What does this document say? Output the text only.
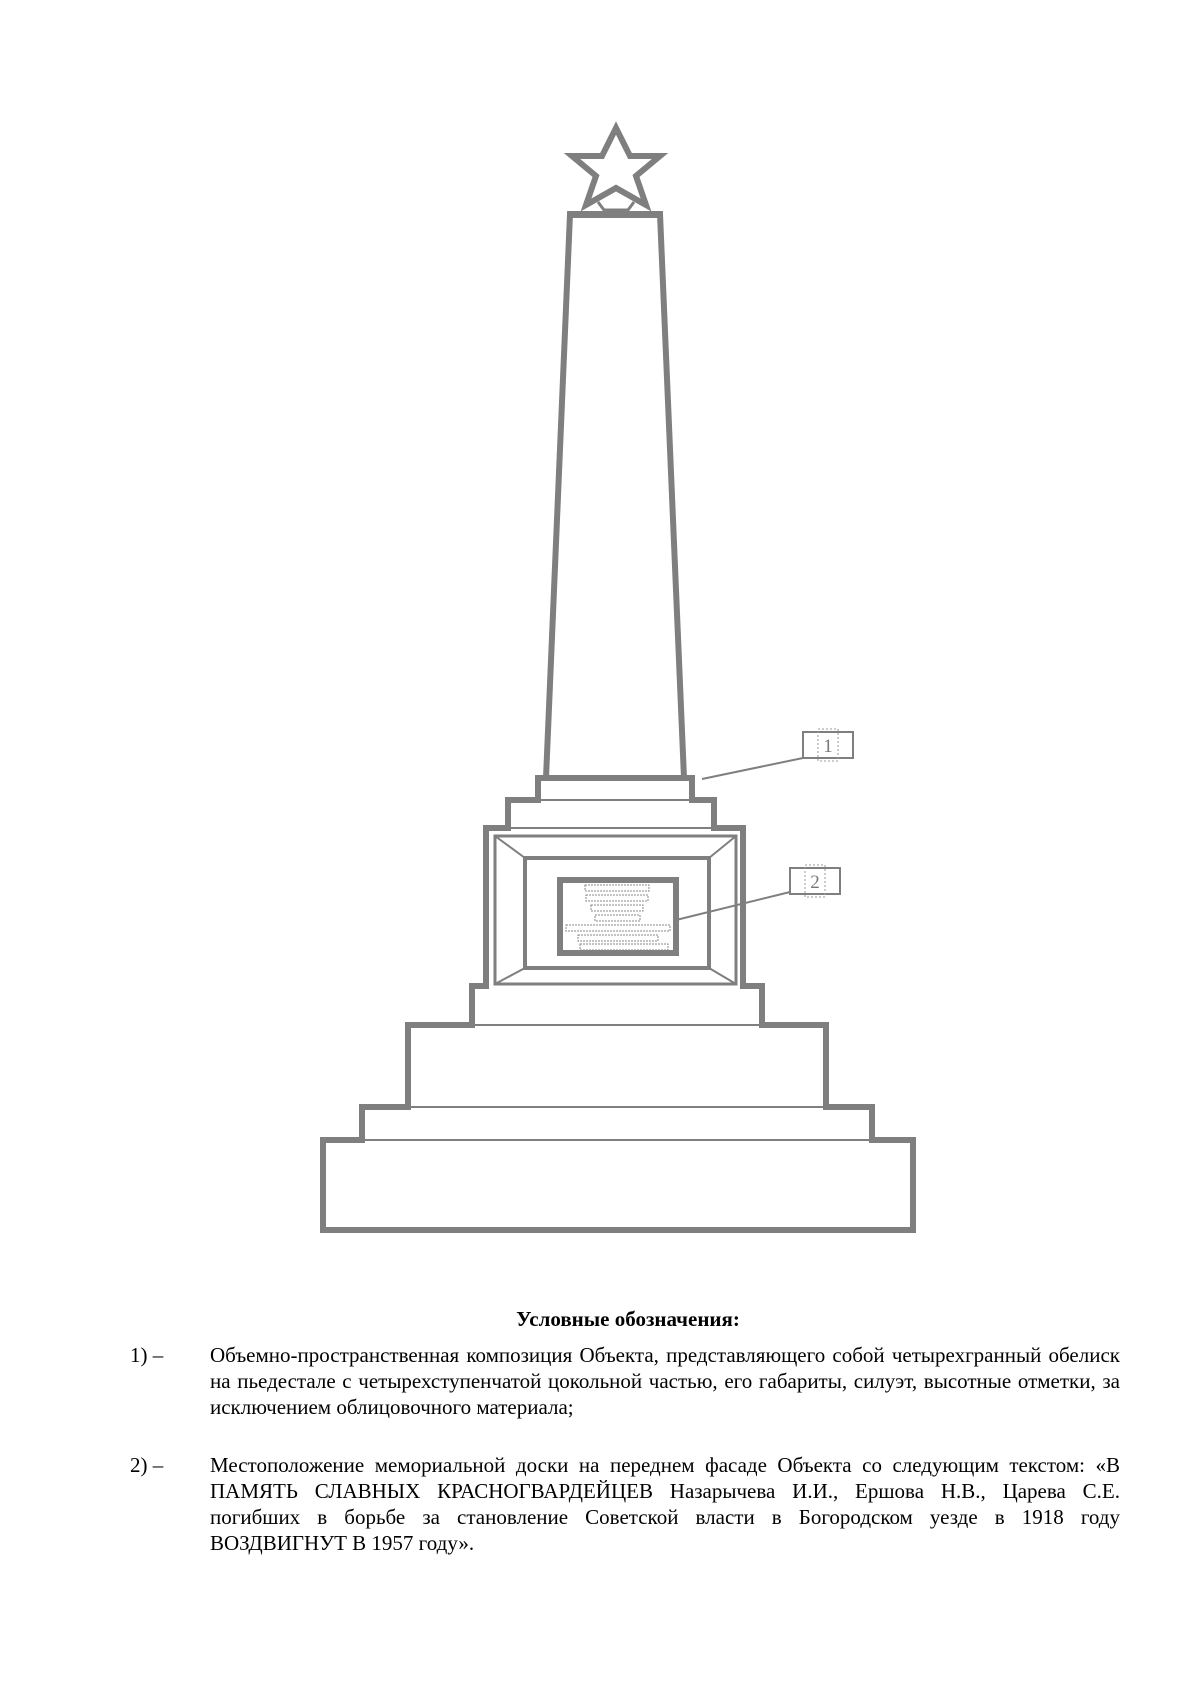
1
2
Условные обозначения:
1) –	Объемно-пространственная композиция Объекта, представляющего собой четырехгранный обелиск на пьедестале с четырехступенчатой цокольной частью, его габариты, силуэт, высотные отметки, за исключением облицовочного материала;
2) –	Местоположение мемориальной доски на переднем фасаде Объекта со следующим текстом: «В ПАМЯТЬ СЛАВНЫХ КРАСНОГВАРДЕЙЦЕВ Назарычева И.И., Ершова Н.В., Царева С.Е. погибших в борьбе за становление Советской власти в Богородском уезде в 1918 году ВОЗДВИГНУТ В 1957 году».
